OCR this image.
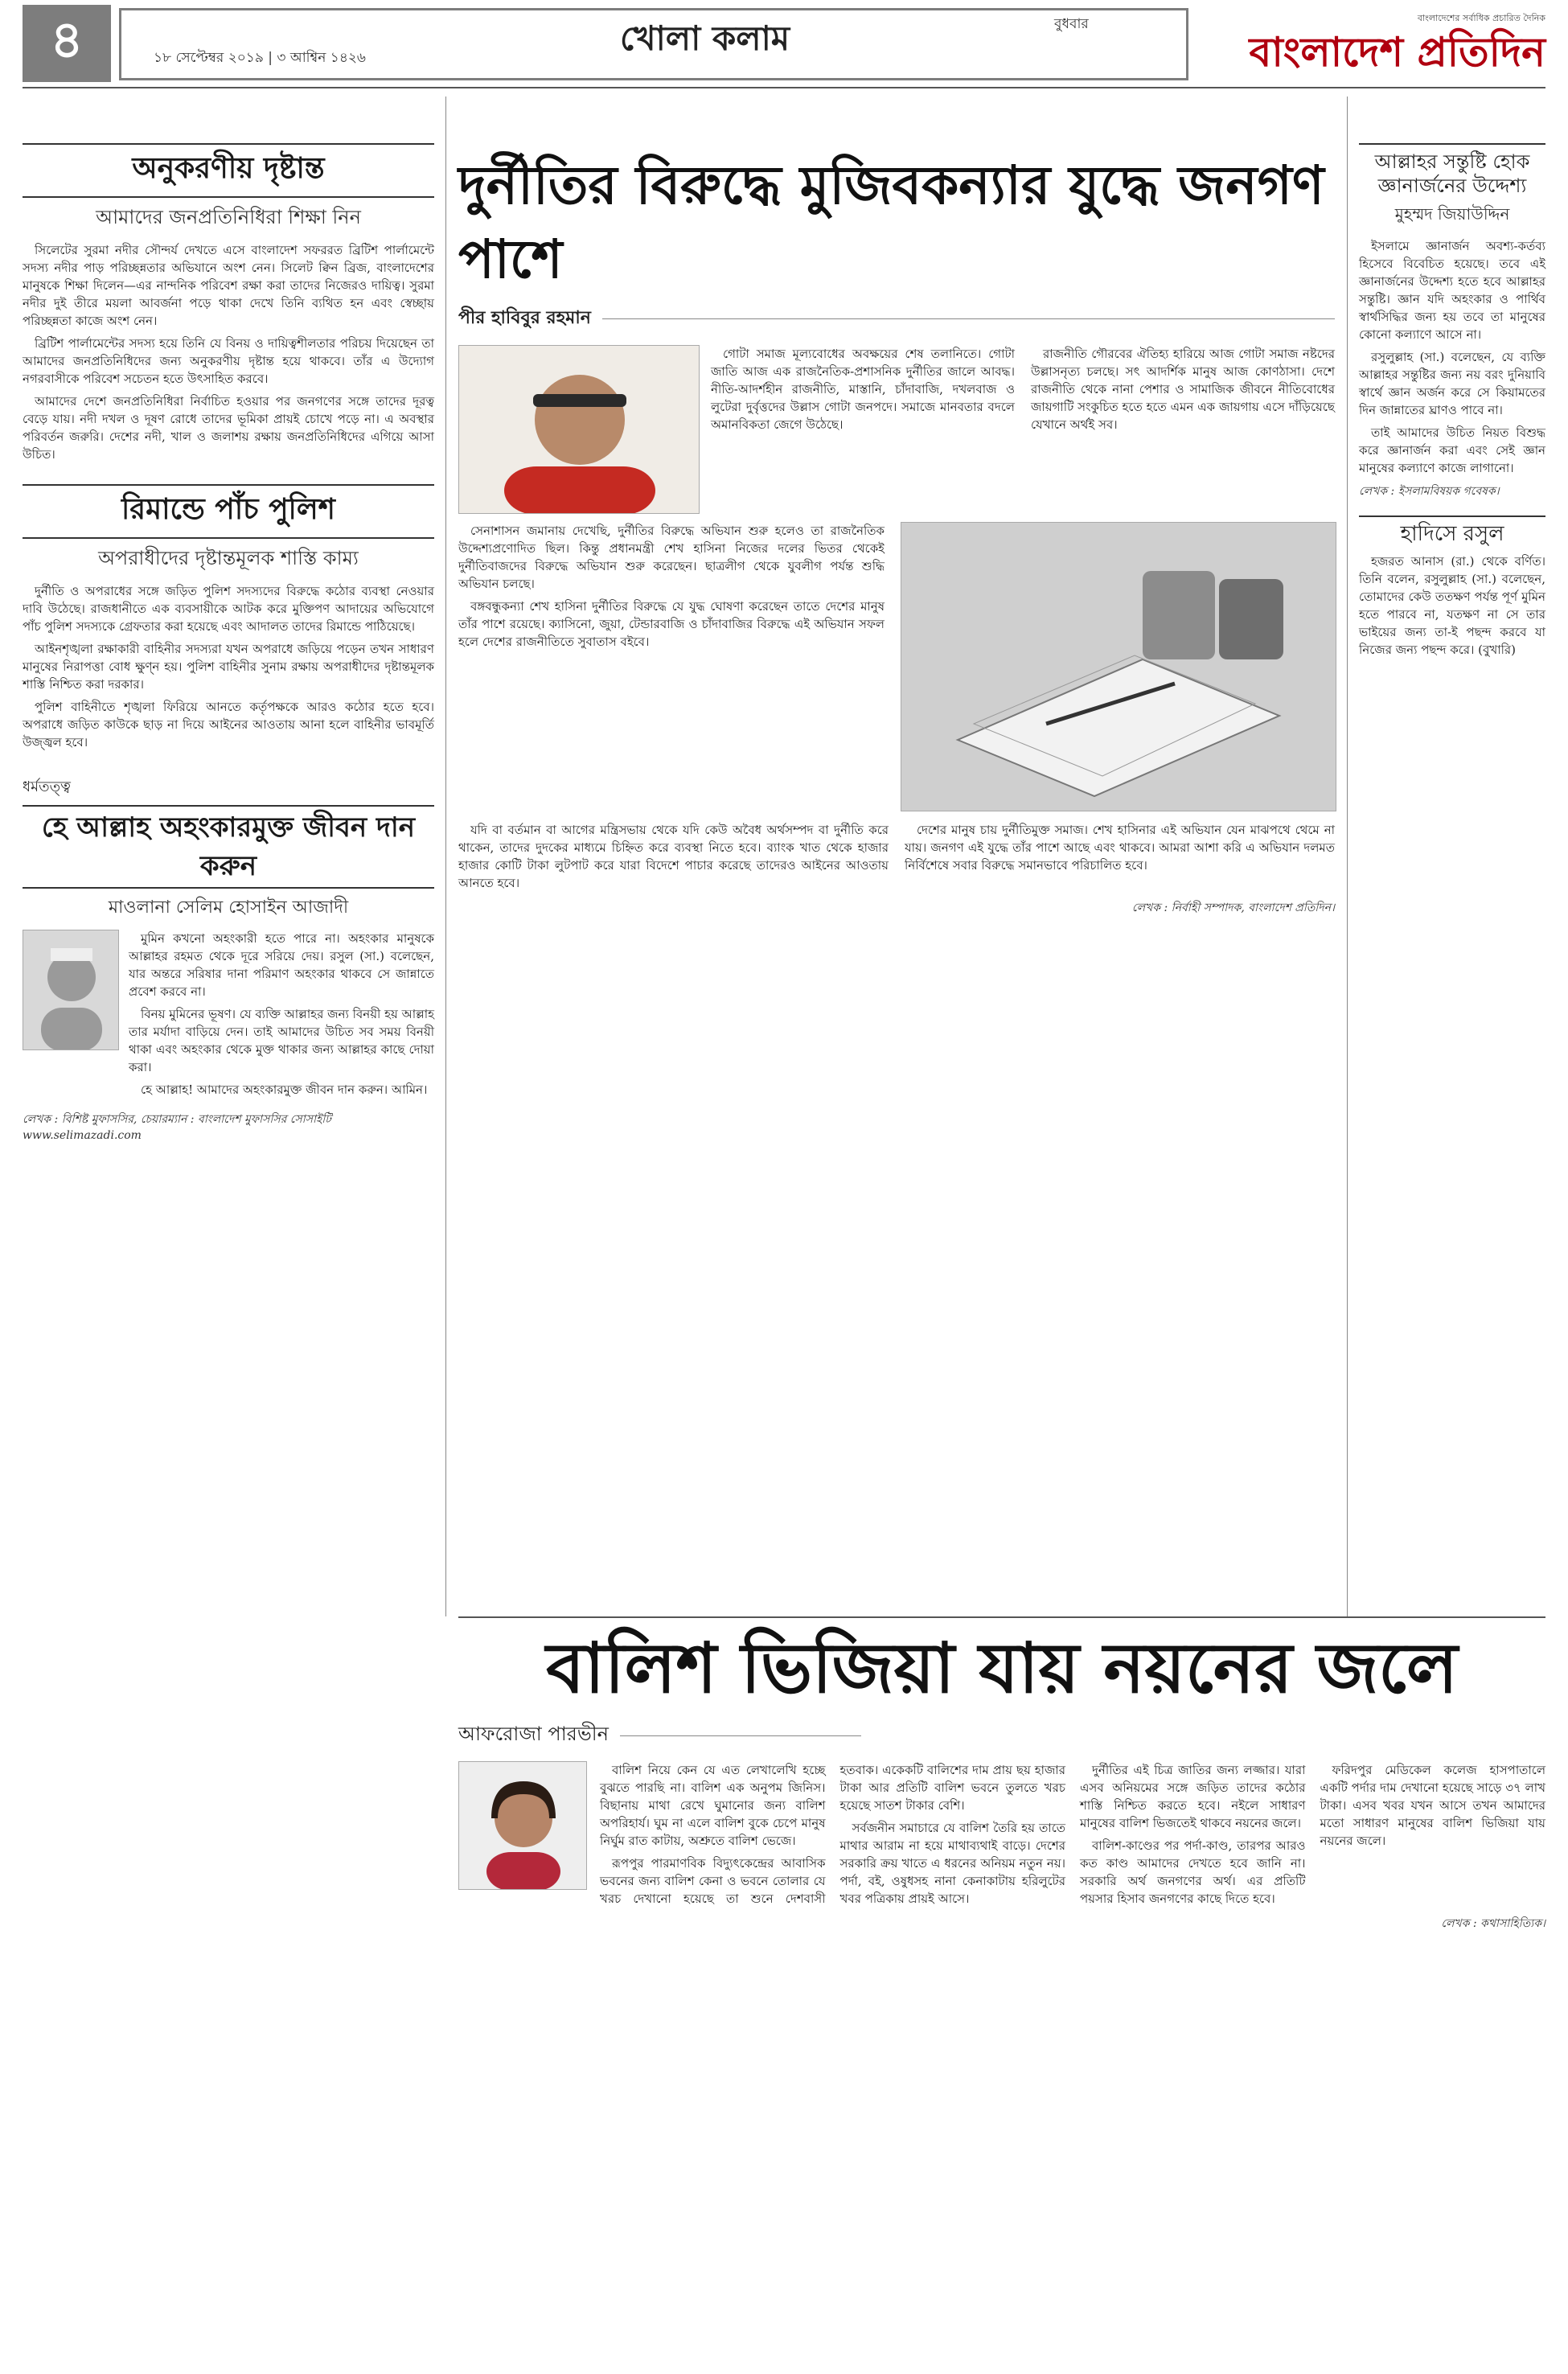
৪	বুধবার
১৮ সেপ্টেম্বর ২০১৯ | ৩ আশ্বিন ১৪২৬	খোলা কলাম
বাংলাদেশের সর্বাধিক প্রচারিত দৈনিক
বাংলাদেশ প্রতিদিন
অনুকরণীয় দৃষ্টান্ত
আমাদের জনপ্রতিনিধিরা শিক্ষা নিন

সিলেটের সুরমা নদীর সৌন্দর্য দেখতে এসে বাংলাদেশ সফররত ব্রিটিশ পার্লামেন্টে সদস্য নদীর পাড় পরিচ্ছন্নতার অভিযানে অংশ নেন। সিলেট ক্বিন ব্রিজ, বাংলাদেশের মানুষকে শিক্ষা দিলেন—এর নান্দনিক পরিবেশ রক্ষা করা তাদের নিজেরও দায়িত্ব। সুরমা নদীর দুই তীরে ময়লা আবর্জনা পড়ে থাকা দেখে তিনি ব্যথিত হন এবং স্বেচ্ছায় পরিচ্ছন্নতা কাজে অংশ নেন।

ব্রিটিশ পার্লামেন্টের সদস্য হয়ে তিনি যে বিনয় ও দায়িত্বশীলতার পরিচয় দিয়েছেন তা আমাদের জনপ্রতিনিধিদের জন্য অনুকরণীয় দৃষ্টান্ত হয়ে থাকবে। তাঁর এ উদ্যোগ নগরবাসীকে পরিবেশ সচেতন হতে উৎসাহিত করবে।

আমাদের দেশে জনপ্রতিনিধিরা নির্বাচিত হওয়ার পর জনগণের সঙ্গে তাদের দূরত্ব বেড়ে যায়। নদী দখল ও দূষণ রোধে তাদের ভূমিকা প্রায়ই চোখে পড়ে না। এ অবস্থার পরিবর্তন জরুরি। দেশের নদী, খাল ও জলাশয় রক্ষায় জনপ্রতিনিধিদের এগিয়ে আসা উচিত।

রিমান্ডে পাঁচ পুলিশ
অপরাধীদের দৃষ্টান্তমূলক শাস্তি কাম্য

দুর্নীতি ও অপরাধের সঙ্গে জড়িত পুলিশ সদস্যদের বিরুদ্ধে কঠোর ব্যবস্থা নেওয়ার দাবি উঠেছে। রাজধানীতে এক ব্যবসায়ীকে আটক করে মুক্তিপণ আদায়ের অভিযোগে পাঁচ পুলিশ সদস্যকে গ্রেফতার করা হয়েছে এবং আদালত তাদের রিমান্ডে পাঠিয়েছে।

আইনশৃঙ্খলা রক্ষাকারী বাহিনীর সদস্যরা যখন অপরাধে জড়িয়ে পড়েন তখন সাধারণ মানুষের নিরাপত্তা বোধ ক্ষুণ্ন হয়। পুলিশ বাহিনীর সুনাম রক্ষায় অপরাধীদের দৃষ্টান্তমূলক শাস্তি নিশ্চিত করা দরকার।

পুলিশ বাহিনীতে শৃঙ্খলা ফিরিয়ে আনতে কর্তৃপক্ষকে আরও কঠোর হতে হবে। অপরাধে জড়িত কাউকে ছাড় না দিয়ে আইনের আওতায় আনা হলে বাহিনীর ভাবমূর্তি উজ্জ্বল হবে।

ধর্মতত্ত্ব
হে আল্লাহ অহংকারমুক্ত জীবন দান করুন
মাওলানা সেলিম হোসাইন আজাদী

মুমিন কখনো অহংকারী হতে পারে না। অহংকার মানুষকে আল্লাহর রহমত থেকে দূরে সরিয়ে দেয়। রসুল (সা.) বলেছেন, যার অন্তরে সরিষার দানা পরিমাণ অহংকার থাকবে সে জান্নাতে প্রবেশ করবে না।

বিনয় মুমিনের ভূষণ। যে ব্যক্তি আল্লাহর জন্য বিনয়ী হয় আল্লাহ তার মর্যাদা বাড়িয়ে দেন। তাই আমাদের উচিত সব সময় বিনয়ী থাকা এবং অহংকার থেকে মুক্ত থাকার জন্য আল্লাহর কাছে দোয়া করা।

হে আল্লাহ! আমাদের অহংকারমুক্ত জীবন দান করুন। আমিন।

লেখক : বিশিষ্ট মুফাসসির, চেয়ারম্যান : বাংলাদেশ মুফাসসির সোসাইটি
www.selimazadi.com
দুর্নীতির বিরুদ্ধে মুজিবকন্যার যুদ্ধে জনগণ পাশে
পীর হাবিবুর রহমান

গোটা সমাজ মূল্যবোধের অবক্ষয়ের শেষ তলানিতে। গোটা জাতি আজ এক রাজনৈতিক-প্রশাসনিক দুর্নীতির জালে আবদ্ধ। নীতি-আদর্শহীন রাজনীতি, মাস্তানি, চাঁদাবাজি, দখলবাজ ও লুটেরা দুর্বৃত্তদের উল্লাস গোটা জনপদে। সমাজে মানবতার বদলে অমানবিকতা জেগে উঠেছে।

রাজনীতি গৌরবের ঐতিহ্য হারিয়ে আজ গোটা সমাজ নষ্টদের উল্লাসনৃত্য চলছে। সৎ আদর্শিক মানুষ আজ কোণঠাসা। দেশে রাজনীতি থেকে নানা পেশার ও সামাজিক জীবনে নীতিবোধের জায়গাটি সংকুচিত হতে হতে এমন এক জায়গায় এসে দাঁড়িয়েছে যেখানে অর্থই সব।

সেনাশাসন জমানায় দেখেছি, দুর্নীতির বিরুদ্ধে অভিযান শুরু হলেও তা রাজনৈতিক উদ্দেশ্যপ্রণোদিত ছিল। কিন্তু প্রধানমন্ত্রী শেখ হাসিনা নিজের দলের ভিতর থেকেই দুর্নীতিবাজদের বিরুদ্ধে অভিযান শুরু করেছেন। ছাত্রলীগ থেকে যুবলীগ পর্যন্ত শুদ্ধি অভিযান চলছে।

বঙ্গবন্ধুকন্যা শেখ হাসিনা দুর্নীতির বিরুদ্ধে যে যুদ্ধ ঘোষণা করেছেন তাতে দেশের মানুষ তাঁর পাশে রয়েছে। ক্যাসিনো, জুয়া, টেন্ডারবাজি ও চাঁদাবাজির বিরুদ্ধে এই অভিযান সফল হলে দেশের রাজনীতিতে সুবাতাস বইবে।

যদি বা বর্তমান বা আগের মন্ত্রিসভায় থেকে যদি কেউ অবৈধ অর্থসম্পদ বা দুর্নীতি করে থাকেন, তাদের দুদকের মাধ্যমে চিহ্নিত করে ব্যবস্থা নিতে হবে। ব্যাংক খাত থেকে হাজার হাজার কোটি টাকা লুটপাট করে যারা বিদেশে পাচার করেছে তাদেরও আইনের আওতায় আনতে হবে।

দেশের মানুষ চায় দুর্নীতিমুক্ত সমাজ। শেখ হাসিনার এই অভিযান যেন মাঝপথে থেমে না যায়। জনগণ এই যুদ্ধে তাঁর পাশে আছে এবং থাকবে। আমরা আশা করি এ অভিযান দলমত নির্বিশেষে সবার বিরুদ্ধে সমানভাবে পরিচালিত হবে।

লেখক : নির্বাহী সম্পাদক, বাংলাদেশ প্রতিদিন।
আল্লাহর সন্তুষ্টি হোক জ্ঞানার্জনের উদ্দেশ্য
মুহম্মদ জিয়াউদ্দিন

ইসলামে জ্ঞানার্জন অবশ্য-কর্তব্য হিসেবে বিবেচিত হয়েছে। তবে এই জ্ঞানার্জনের উদ্দেশ্য হতে হবে আল্লাহর সন্তুষ্টি। জ্ঞান যদি অহংকার ও পার্থিব স্বার্থসিদ্ধির জন্য হয় তবে তা মানুষের কোনো কল্যাণে আসে না।

রসুলুল্লাহ (সা.) বলেছেন, যে ব্যক্তি আল্লাহর সন্তুষ্টির জন্য নয় বরং দুনিয়াবি স্বার্থে জ্ঞান অর্জন করে সে কিয়ামতের দিন জান্নাতের ঘ্রাণও পাবে না।

তাই আমাদের উচিত নিয়ত বিশুদ্ধ করে জ্ঞানার্জন করা এবং সেই জ্ঞান মানুষের কল্যাণে কাজে লাগানো।

লেখক : ইসলামবিষয়ক গবেষক।
হাদিসে রসুল

হজরত আনাস (রা.) থেকে বর্ণিত। তিনি বলেন, রসুলুল্লাহ (সা.) বলেছেন, তোমাদের কেউ ততক্ষণ পর্যন্ত পূর্ণ মুমিন হতে পারবে না, যতক্ষণ না সে তার ভাইয়ের জন্য তা-ই পছন্দ করবে যা নিজের জন্য পছন্দ করে। (বুখারি)

বালিশ ভিজিয়া যায় নয়নের জলে
আফরোজা পারভীন

বালিশ নিয়ে কেন যে এত লেখালেখি হচ্ছে বুঝতে পারছি না। বালিশ এক অনুপম জিনিস। বিছানায় মাথা রেখে ঘুমানোর জন্য বালিশ অপরিহার্য। ঘুম না এলে বালিশ বুকে চেপে মানুষ নির্ঘুম রাত কাটায়, অশ্রুতে বালিশ ভেজে।

রূপপুর পারমাণবিক বিদ্যুৎকেন্দ্রের আবাসিক ভবনের জন্য বালিশ কেনা ও ভবনে তোলার যে খরচ দেখানো হয়েছে তা শুনে দেশবাসী হতবাক। একেকটি বালিশের দাম প্রায় ছয় হাজার টাকা আর প্রতিটি বালিশ ভবনে তুলতে খরচ হয়েছে সাতশ টাকার বেশি।

সর্বজনীন সমাচারে যে বালিশ তৈরি হয় তাতে মাথার আরাম না হয়ে মাথাব্যথাই বাড়ে। দেশের সরকারি ক্রয় খাতে এ ধরনের অনিয়ম নতুন নয়। পর্দা, বই, ওষুধসহ নানা কেনাকাটায় হরিলুটের খবর পত্রিকায় প্রায়ই আসে।

দুর্নীতির এই চিত্র জাতির জন্য লজ্জার। যারা এসব অনিয়মের সঙ্গে জড়িত তাদের কঠোর শাস্তি নিশ্চিত করতে হবে। নইলে সাধারণ মানুষের বালিশ ভিজতেই থাকবে নয়নের জলে।

বালিশ-কাণ্ডের পর পর্দা-কাণ্ড, তারপর আরও কত কাণ্ড আমাদের দেখতে হবে জানি না। সরকারি অর্থ জনগণের অর্থ। এর প্রতিটি পয়সার হিসাব জনগণের কাছে দিতে হবে।

ফরিদপুর মেডিকেল কলেজ হাসপাতালে একটি পর্দার দাম দেখানো হয়েছে সাড়ে ৩৭ লাখ টাকা। এসব খবর যখন আসে তখন আমাদের মতো সাধারণ মানুষের বালিশ ভিজিয়া যায় নয়নের জলে।

লেখক : কথাসাহিত্যিক।
